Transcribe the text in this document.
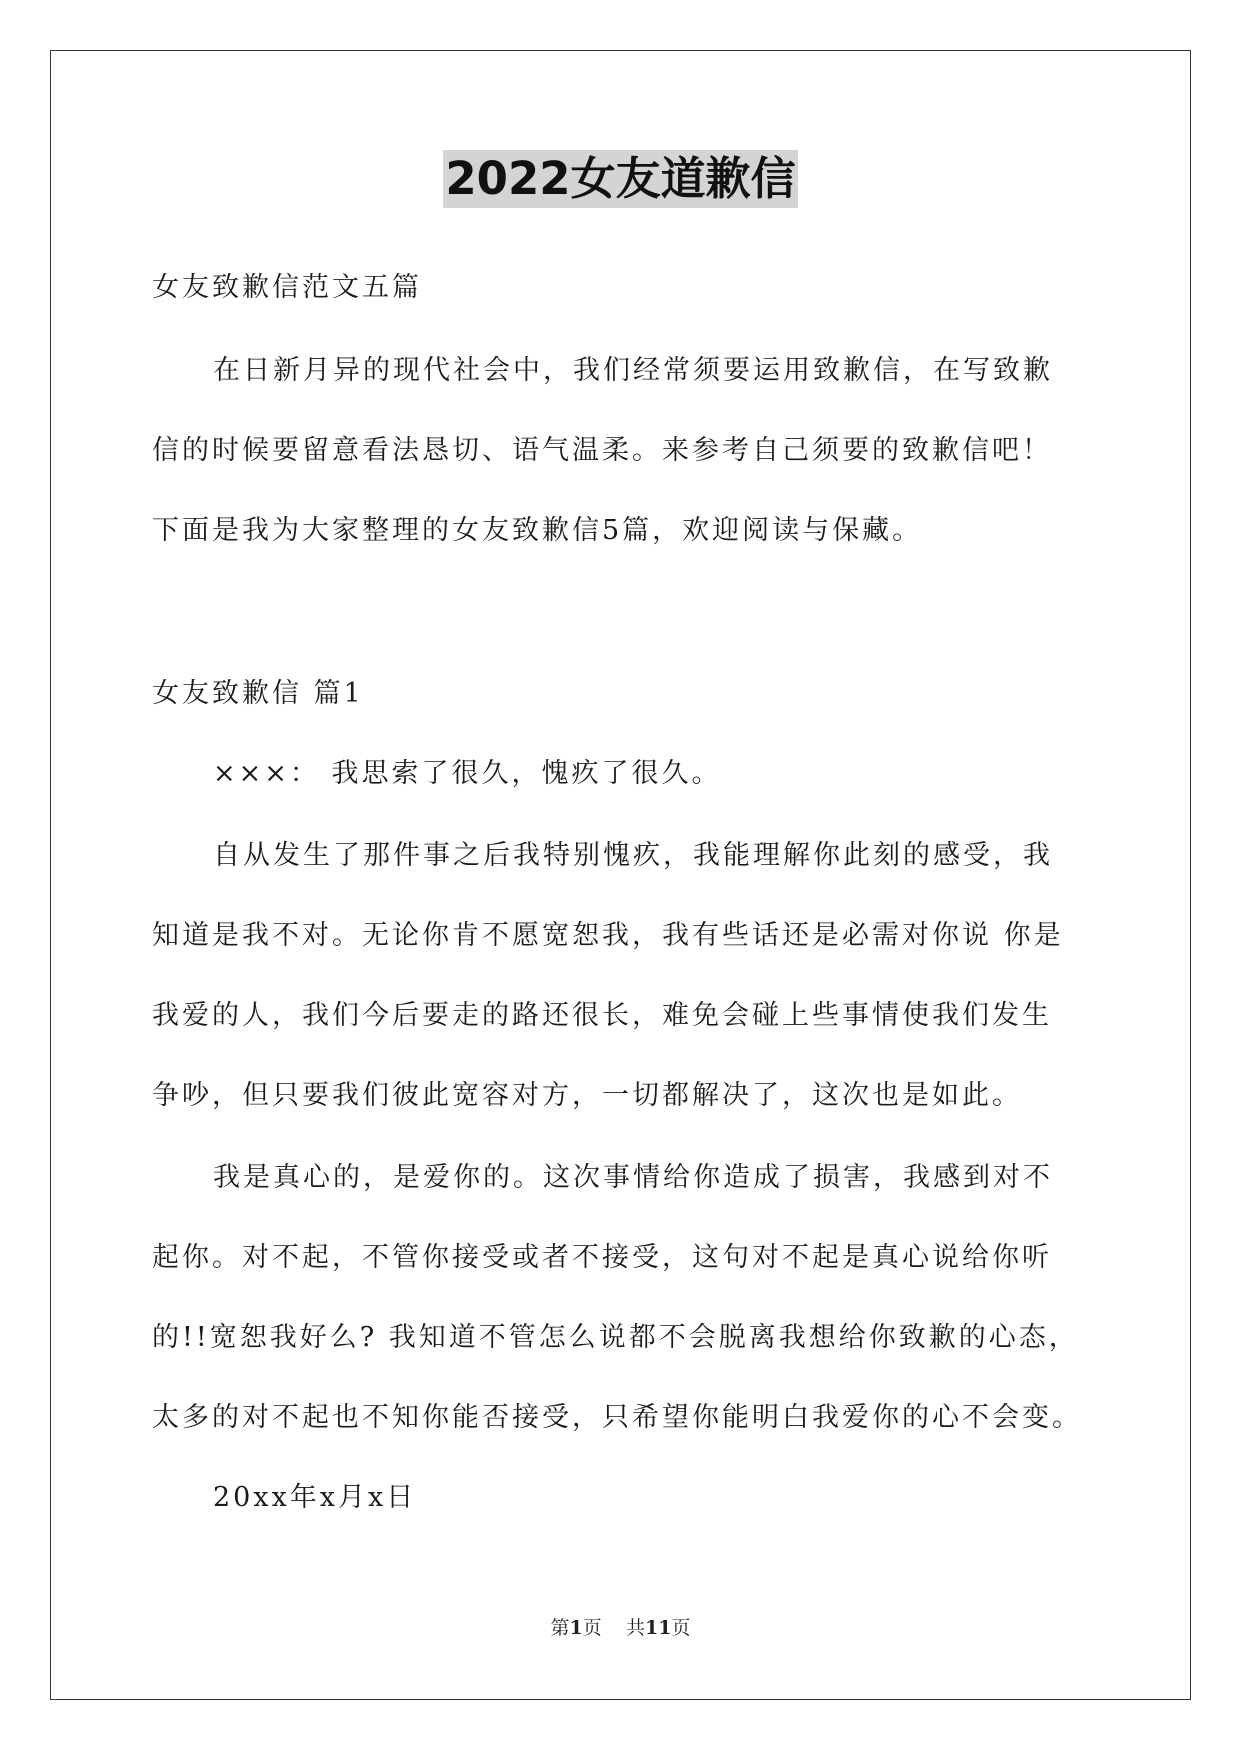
2022女友道歉信

女友致歉信范文五篇

在日新月异的现代社会中，我们经常须要运用致歉信，在写致歉

信的时候要留意看法恳切、语气温柔。来参考自己须要的致歉信吧！

下面是我为大家整理的女友致歉信5篇，欢迎阅读与保藏。

女友致歉信 篇1

×××： 我思索了很久，愧疚了很久。

自从发生了那件事之后我特别愧疚，我能理解你此刻的感受，我

知道是我不对。无论你肯不愿宽恕我，我有些话还是必需对你说 你是

我爱的人，我们今后要走的路还很长，难免会碰上些事情使我们发生

争吵，但只要我们彼此宽容对方，一切都解决了，这次也是如此。

我是真心的，是爱你的。这次事情给你造成了损害，我感到对不

起你。对不起，不管你接受或者不接受，这句对不起是真心说给你听

的!!宽恕我好么? 我知道不管怎么说都不会脱离我想给你致歉的心态，

太多的对不起也不知你能否接受，只希望你能明白我爱你的心不会变。

20xx年x月x日

第1页 共11页
